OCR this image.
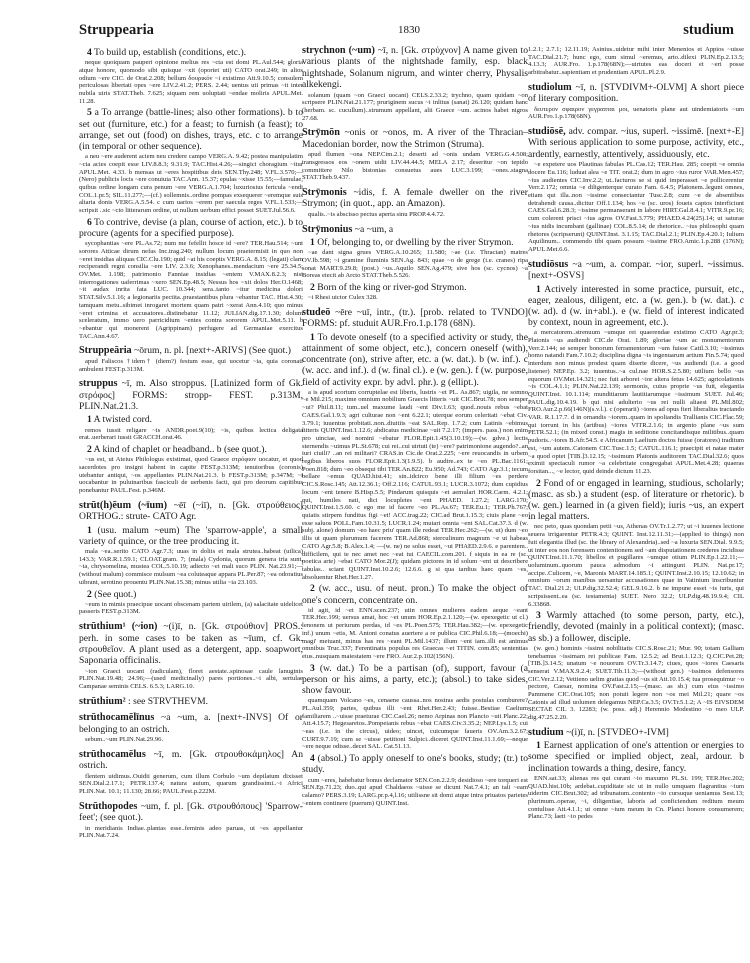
Struppearia	1830	studium

4 To build up, establish (conditions, etc.).

neque quoiquam pauperi opinione melius res ~cta est domi PL.Aul.544; gloria atque honore, quomodo sibi quisque ~xit (oportet uti) CATO orat.249; in alios odium ~ere CIC. de Orat.2.208; bellum δουρικόν ~i existimo Att.9.10.5; consulem periculosas libertati opes ~ere LIV.2.41.2; PERS. 2.44; uentus uti primas ~it inter nubila uiris STAT.Theb. 7.625; siquam rem uoluptati ~endae moliris APUL.Met. 11.28.

5 a To arrange (battle-lines; also other formations). b to set out (furniture, etc.) for a feast; to furnish (a feast); to arrange, set out (food) on dishes, trays, etc. c to arrange (in temporal or other sequence).

a neu ~ere auderent aciem neu credere campo VERG.A. 9.42; postea manipulatim ~cta acies coepit esse LIV.8.8.3; 9.31.9; TAC.Hist.4.26;—singici choragium ~itur APUL.Met. 4.33. b mensas ut ~eres hospitibus deis SEN.Thy.248; V.FL.3.570;—(Nero) publicis locis ~ere conuiuia TAC.Ann. 15.37; epulas ~xisse 15.55;—famulae, quibus ordine longam cura penum ~ere VERG.A.1.704; luxuriosius fericula ~endi COL.1.pr.5; SIL.11.277;—(cf.) sollemnis..ordine pompas exsequerer ~eremque suis altaria donis VERG.A.5.54. c cum uarios ~erem per saecula reges V.FL.1.533;—scripsit ..sic ~cto litterarum ordine, ut nullum uerbum effici posset SUET.Jul.56.6.

6 To contrive, devise (a plan, course of action, etc.). b to procure (agents for a specified purpose).

sycophantias ~ere PL.As.72; num me fefellit hosce id ~ere? TER.Hau.514; ~unt sorores Atticae dirum nefas Inc.trag.240; nullum locum praetermisit in quo non ~eret insidias aliquas CIC.Clu.190; quid ~at his coeptis VERG.A. 8.15; (legati) clam reciperandi regni consilia ~ere LIV. 2.3.6; Xenophanes..mendacium ~ere 25.34.5; OV.Met. 1.198; patrimonio Fanniae insidias ~entem V.MAX.8.2.3; nisi interrogationes uaferrimas ~xero SEN.Ep.48.5; Nessus hos ~xit dolos Her.O.1468; ~it audax inrita fata LUC. 10.344; sera..tanto ~itur medicina dolori STAT.Silv.5.1.16; a legionariis pectita..praestantibus plura ~ebantur TAC. Hist.4.30; tamquam metu..sibimet inrogaret mortem quam patri ~xerat Ann.4.10; quo minus ~eret crimina et accusatores..distinebatur 11.12; JULIAN.dig.17.1.30; dolum sceleratum, immo uero parricidium ~entes contra sororem APUL.Met.5.11. b ~ebantur qui monerent (Agrippinam) perfugere ad Germaniae exercitus TAC.Ann.4.67.

Struppeāria ~ōrum, n. pl. [next+-ARIVS] (See quot.)

apud Faliscos †idem† (diem?) festum esse, qui uocetur ~ia, quia coronati ambulent FEST.p.313M.

struppus ~ī, m. Also stroppus. [Latinized form of Gk. στρόφος] FORMS: stropp- FEST. p.313M, PLIN.Nat.21.3.

1 A twisted cord.

remos iussit religare ~is ANDR.poet.9(10); ~is, quibus lectica deligata erat..uerberari iussit GRACCH.orat.46.

2 A kind of chaplet or headband.. b (see quot.).

~us est, ut Ateius Philologus existimat, quod Graece στρόφιον uocatur, et quod sacerdotes pro insigni habent in capite FEST.p.313M; tenuioribus (coronis) utebantur antiqui, ~os appellantes PLIN.Nat.21.3. b FEST.p.313M; p.347M; ~i uocabantur in puluinaribus fasciculi de uerbenis facti, qui pro deorum capitibus ponebantur PAUL.Fest. p.346M.

strūt(h)ēum (~īum) ~ēī (~iī), n. [Gk. στρούθειος] ORTHOG.: strute- CATO Agr.

1 (usu. malum ~eum) The 'sparrow-apple', a small variety of quince, or the tree producing it.

mala ~ea..serito CATO Agr.7.3; uuas in doliis et mala strutea..habeat (uilica) 143.3; VAR.R.1.59.1; CLOAT.gram. 7; (mala) Cydonia, quorum genera tria sunt, ~ia, chrysomelina, mustea COL.5.10.19; adiecto ~ei mali suco PLIN. Nat.23.91;—(without malum) commisce mulsum ~ea coluteaque appara PL.Per.87; ~ea odoratius uibrant, serotino prouentu PLIN.Nat.15.38; minus utilia ~ia 23.103.

2 (See quot.)

~eum in mimis praecipue uocant obscenam partem uirilem, (a) salacitate uidelicet passeris FEST.p.313M.

strūthium¹ (~ion) ~(i)ī, n. [Gk. στρούθιον] PROS.: perh. in some cases to be taken as ~īum, cf. Gk. στρουθεῖον. A plant used as a detergent, app. soapwort, Saponaria officinalis.

~ion Graeci uocant (radiculam), floret aestate..spinosae caule lanuginis PLIN.Nat.19.48; 24.96;—(used medicinally) pares portiones..~i albi, sertulae Campanae seminis CELS. 6.5.3; LARG.10.

strūthium² : see STRVTHEVM.

strūthocamēlīnus ~a ~um, a. [next+-INVS] Of or belonging to an ostrich.

sebum..~um PLIN.Nat.29.96.

strūthocamēlus ~ī, m. [Gk. στρουθοκάμηλος] An ostrich.

flentem uidimus..Ouidii generum, cum illum Corbulo ~um depilatum dixisset SEN.Dial.2.17.1; PETR.137.4; natura auium, quarum grandissimi..~i Africi PLIN.Nat. 10.1; 11.130; 28.66; PAUL.Fest.p.222M.

Strūthopodes ~um, f. pl. [Gk. στρουθόπους] 'Sparrow-feet'; (see quot.).

in meridianis Indiae..plantas esse..feminis adeo paruas, ut ~es appellantur PLIN.Nat.7.24.

strychnon (~um) ~ī, n. [Gk. στρύχνον] A name given to various plants of the nightshade family, esp. black nightshade, Solanum nigrum, and winter cherry, Physalis alkekengi.

solanum (quam ~on Graeci uocant) CELS.2.33.2; trychno, quam quidam ~on scripsere PLIN.Nat.21.177; pruriginem sucus ~i inlitus (sanat) 26.120; quidam hanc (herbam. sc. cucullum)..strumum appellant, alii Graece ~um. acinos habet nigros 27.68.

Strȳmōn ~onis or ~onos, m. A river of the Thracian–Macedonian border, now the Strimon (Struma).

apud flumen ~ona NEP.Cim.2.1; deserti ad ~onis undam VERG.G.4.508; transgressos eos ~onem uidit LIV.44.44.5; MELA 2.17; deseritur ~on tepido committere Nilo bistonias consuetus aues LUC.3.199; ~ones..stagna STAT.Theb.9.437.

Strȳmonis ~idis, f. A female dweller on the river Strymon; (in quot., app. an Amazon).

qualis..~is abscisso pectus aperta sinu PROP.4.4.72.

Strȳmonius ~a ~um, a

1 Of, belonging to, or dwelling by the river Strymon.

~ae dant signa grues VERG.A.10.265; 11.580; ~ae (i.e. Thracian) matres OV.Ib.598; ~i gramine fluminis SEN.Ag. 843; quae ~o de grege (i.e. cranes) ripa sonat MART.9.29.8; (post.) ~us..Aquilo SEN.Ag.479; sive hos (sc. cycnos) ~a Boreas eiecit ab Arcto STAT.Theb.5.526.

2 Born of the king or river-god Strymon.

~i Rhesi uictor Culex 328.

studeō ~ēre ~uī, intr., (tr.). [prob. related to TVNDO] FORMS: pf. studuit AUR.Fro.1.p.178 (68N).

1 To devote oneself (to a specified activity or study, the attainment of some object, etc.), concern oneself (with), concentrate (on), strive after, etc. a (w. dat.). b (w. inf.). c (w. acc. and inf.). d (w. final cl.). e (w. gen.). f (w. purpose, field of activity expr. by advl. phr.). g (ellipt.).

a is apud scortum corruptelae est liberis, lustris ~et PL. As.867; uigila, ne somno ~e Mil.215; maxime omnium nobilium Graecis litteris ~uit CIC.Brut.78; non semper ~ui? Phil.8.11; tum..uel maxume laudi ~ent Div.1.63; quod..nouis rebus ~ebat CAES.Gal.1.9.3; agri culturae non ~ent 6.22.1; uterque eorum celeritati ~ebat Civ. 3.79.1; iuuentus probitati..non..diuitiis ~eat SAL.Rep. 1.7.2; cum Latinis ~ebimus litteris QUINT.Inst.1.12.6; abdicatus medicinae ~uit 7.2.17; (impers. pass.) non enim pro uinciae, sed nomini ~ebatur FLOR.Epit.1.45(3.10.19);—(w. gdve.) lectis sternendis ~uimus PL.St.678; cui rei..cui uirtuti (te) ~ere? patrimonione augendo?..an iuri ciuili? ..an rei militari? CRAS.in Cic.de Orat.2.225; ~ere reuocandis in urbem regibus liberos suos FLOR.Epit.1.3(1.9.5). b audire..ex te ~eo PL.Bac.1161; Poen.818; dum ~eo obsequi tibi TER.An.822; Eu.950; Ad.743; CATO Agr.3.1; tecum bellare ~emus QUAD.hist.41; sin..idcirco bene illi filium ~es perdere CIC.S.Rosc.145; Att.12.36.1; Off.2.116; CATUL.93.1; LUCR.3.1072; dum cupidius locum ~ent tenere B.Hisp.5.5; Pindarum quisquis ~et aemulari HOR.Carm. 4.2.1; qui, humiles nati, dici locupletes ~ent PHAED. 1.27.2; LARG.170; QUINT.Inst.1.5.60. c ego me id facere ~eo PL.As.67; TER.Eu.1; TER.Ph.767; quiatis stirpem funditus figi ~et! ACC.trag.22; CIC.ad Brut.1.15.3; ciuis plane ~eo esse saluos POLL.Fam.10.31.5; LUCR.1.24; mutari omnia ~ent SAL.Cat.37.3. d (w. subj. alone) domum ~eo haec priu' quam ille redeat TER.Hec.262;—(w. ut) dum ~eo illis ut quam plurumum facerem TER.Ad.868; sterculinum magnum ~e ut habeas CATO Agr.5.8; B.Alex.1.4; —(w. ne) ne solus esset, ~ui PHAED.2.9.6. e parentem.. difficilem, qui te nec amet nec ~eat tui CAECIL.com.201. f siquis in ea re (sc. poetica arte) ~ebat CATO Mor.2(J); quidam pictores in id solum ~ent ut describere tabulas.. sciant QUINT.Inst.10.2.6; 12.6.6. g si qua tardius haec quam ~es, absoluentur Rhet.Her.1.27.

2 (w. acc., usu. of neut. pron.) To make the object of one's concern, concentrate on.

id agit, id ~et ENN.scen.237; utin omnes mulieres eadem aeque ~eant TER.Hec.199; uersus amat, hoc ~et unum HOR.Ep.2.1.120;—(w. epexegetic ut cl.) lenonem ut periurum perdas, id ~es PL.Poen.575; TER.Hau.382;—(w. epexegetic inf.) unum ~etis, M. Antoni conatus auertere a re publica CIC.Phil.6.18;—(moechi) magi' metuant, minus has res ~eant PL.Mil.1437; illum ~ent iam..illi est animus omnibus Truc.337; Ferentinatis populus res Graecas ~et TITIN. com.85; sententias eius..nusquam maiestatem ~ere FRO. Aur.2.p.102(156N).

3 (w. dat.) To be a partisan (of), support, favour (a person or his aims, a party, etc.); (absol.) to take sides, show favour.

quamquam Volcano ~es, cenaene caussa..nos nostras aedis postulas comburere? PL.Aul.359; partes, quibus illi ~ent Rhet.Her.2.43; fuisse..Bestiae Caelium familiarem ..~uisse praeturae CIC.Cael.26; nemo Arpinas non Plancio ~uit Planc.22; Att.4.15.7; Hegesaretos..Pompeianis rebus ~ebat CAES.Civ.3.35.2; NEP.Lys.1.5; cui ~eas (i.e. in the circus), uideo; uincet, cuicumque faueris OV.Am.3.2.67; CURT.9.7.19; cum se ~uisse petitioni Sulpici..diceret QUINT.Inst.11.1.69;—neque ~ere neque odisse..decet SAL. Cat.51.13.

4 (absol.) To apply oneself to one's books, study; (tr.) to study.

cum ~eres, habebatur bonus declamator SEN.Con.2.2.9; desidioso ~ere torqueri est SEN.Ep.71.23; duo..qui apud Chaldaeos ~uisse se dicunt Nat.7.4.1; an tali ~eam calamo? PERS.3.19; LARG.pr.p.4,l.16; utilissne sit domi atque intra priuatos parietes ~entem continere (puerum) QUINT.Inst.

1.2.1; 2.7.1; 12.11.19; Asinius..uidetur mihi inter Menenios et Appios ~uisse TAC.Dial.21.7; hunc ego, cum simul ~eremus, arto..dilexi PLIN.Ep.2.13.5; 4.13.3; AUR.Fro. 1.p.178(68N);—uirtutes eas doceri et ~eri posse arbitrabatur..sapientiam et prudentiam APUL.Pl.2.9.

studiolum ~ī, n. [STVDIVM+-OLVM] A short piece of literary composition.

δευτερον σφαιρον γεγραπται μοι, uenatoris plane aut uindemiatoris ~um AUR.Fro.1.p.178(68N).

studiōsē, adv. compar. ~ius, superl. ~issimē. [next+-E] With serious application to some purpose, activity, etc., ardently, earnestly, attentively, assiduously, etc.

~e expetere uos Plautinas fabulas PL.Cas.12; TER.Hau. 285; coepit ~e omnia docere Eu.116; luduat alea ~e TIT. orat.2; dum in agro ~ius ruror VAR.Men.457; ~ius audientes CIC.Inv.2.2; ut..facturos se si quid imperasset ~e pollicerentur Verr.2.172; omnia ~e diligenterque curato Fam. 6.4.5; Platonem..legunt omnes, etiam qui illa..non ~issime consectantur Tusc.2.8; cum ~e de absentibus detrahendi causa..dicitur Off.1.134; hos ~e (sc. uros) foueis captos interficiunt CAES.Gal.6.28.3; ~issime permanserant in labore HIRT.Gal.8.4.1; VITR.9.pr.16; cum colerent prisci ~ius agros OV.Fast.3.779; PHAED.4.24(25).14; ut saturae ~ius nidis incumbant (gallinae) COL.8.5.14; de rhetorice.. ~ius philosophi quam rhetores (scripserunt) QUINT.Inst. 3.1.15; TAC.Dial.2.1; PLIN.Ep.4.20.1; Iulium Aquilinum.. commendo tibi quam possum ~issime FRO.Amic.1.p.288 (176N); APUL.Met.6.6.

studiōsus ~a ~um, a. compar. ~ior, superl. ~issimus. [next+-OSVS]

1 Actively interested in some practice, pursuit, etc., eager, zealous, diligent, etc. a (w. gen.). b (w. dat.). c (w. ad). d (w. in+abl.). e (w. field of interest indicated by context, noun in agreement, etc.).

a mercatorem..strenuum ~umque rei quaerendae existimo CATO Agr.pr.3; Platonis ~us audiendi CIC.de Orat. 1.89; gloriae ~um ac monumentorum Verr.2.144; se semper bonorum ferramentorum ~um fuisse Catil.3.10; ~issimus homo natandi Fam.7.10.2; disciplina digna ~is ingenuarum artium Fin.5.74; quod interdum non minus prodest quam diserte dicere, ~us audiendi (i.e. a good listener) NEP.Ep. 3.2; iuuentus..~a cul.nae HOR.S.2.5.80; utilium bello ~us equorum OV.Met.14.321; nec fuit arborei ~ior altera fetus 14.625; agricolationis ~is COL.4.1.1; PLIN.Nat.22.139; sermonis, cuius proprie ~us fuit, elegantia QUINT.Inst. 10.1.114; munditiarum lautitiarumque ~issimum SUET. Jul.46; PAUL.dig.10.4.19. b qui nisi adulterio ~us rei nulli aliaest PL.Mil.802; FRO.Aur.2.p.66(146N)(s.v.l.). c (operarii) ~iores ad opus fieri liberalius tractando VAR. R.1.17.7. d in ornandis ~iorem..quam in spoliandis Trallianis CIC.Flac.59; qui torrunt in his (artibus) ~iores VITR.2.1.6; in argento plane ~us sum PETR.52.1; (in mixed const.) magis in seditione concitandisque militibus..quam pudoris..~iores B.Afr.54.5. e Africanum Laelium doctos fuisse (oratores) traditum est, ~um autem..Catonem CIC.Tusc.1.5; CATUL.116.1; praecipit et natae mater ~a quod optet [TIB.]3.12.15; ~issimum Platonis auditorem TAC.Dial.32.6; quos eximii spectaculi rumor ~a celebritate congregabat APUL.Met.4.28; quaeras forsitan..., ~e lector, quid deinde dictum 11.23.

2 Fond of or engaged in learning, studious, scholarly; (masc. as sb.) a student (esp. of literature or rhetoric). b (w. gen.) learned in (a given field); iuris ~us, an expert in legal matters.

nec peto, quas quondam petii ~us, Athenas OV.Tr.1.2.77; ut ~i iuuenes lectione seuera irrigarentur PETR.4.3; QUINT. Inst.12.11.31;—(applied to things) non fuit elegantia illud (sc. the library of Alexandria)..sed ~a luxuria SEN.Dial. 9.9.5; ut inter eos non forensem contentionem sed ~am disputationem crederes incidisse QUINT.Inst.11.1.70; libellos et pugillares ~umque otium PLIN.Ep.1.22.11;— uoluminum..quorum pauca admodum ~i attingunt PLIN. Nat.pr.17; accipe..Culicem, ~e, Maronis MART.14.185.1; QUINT.Inst.2.10.15; 12.10.62; in omnium ~orum manibus uersantur accusationes quae in Vatinium inscribuntur TAC. Dial.21.2; ULP.dig.32.52.4; GEL.9.16.2. b ne impune esset ~is iuris, qui scripsissent..ea (sc. testamenta) SUET. Nero 32.2; ULP.dig.48.19.9.4; CIL 6.33868.

3 Warmly attached (to some person, party, etc.), friendly, devoted (mainly in a political context); (masc. as sb.) a follower, disciple.

(w. gen.) hominis ~issimi nobilitatis CIC.S.Rosc.21; Mur. 90; totam Galliam tenebamus ~issimam rei publicae Fam. 12.5.2; ad Brut.1.12.3; Q.CIC.Pet.28; [TIB.]3.14.5; unatum ~e nouorum OV.Tr.3.14.7; ciues, quos ~iores Caesaris senserat V.MAX.9.2.4; SUET.Tib.11.3;—(without gen.) ~issimos defensores CIC.Ver.2.12; Vettieno uelim gratias quod ~us sit Att.10.15.4; tua prosequimur ~o pectore, Caesar, nomina OV.Fast.2.15;—(masc. as sb.) cum eius ~issimo Pammene CIC.Orat.105; non potuit legere non ~os mei Mil.21; quare ~os Catonis ad illud uolumen delegamus NEP.Ca.3.5; OV.Tr.5.1.2; A ~IS EIVSDEM SECTAE CIL 3. 12283; (w. poss. adj.) Herennio Modestino ~o meo ULP. dig.47.25.2.20.

studium ~(i)ī, n. [STVDEO+-IVM]

1 Earnest application of one's attention or energies to some specified or implied object, zeal, ardour. b inclination towards a thing, desire, fancy.

ENN.sat.33; alienas res qui curant ~io maxumo PL.St. 199; TER.Hec.202; QUAD.hist.10b; ardebat..cupiditate sic ut in nullo umquam flagrantius ~ium uiderim CIC.Brut.302; ad tribunatum..contento ~io cursuque ueniamus Sest.13; plurimum..operae, ~i, diligentiae, laboris ad conficiendum reditum meum contulisse Att.4.1.1; ut omne ~ium meum in Cn. Planci honore consumerem; Planc.73; laeti ~io pedes
